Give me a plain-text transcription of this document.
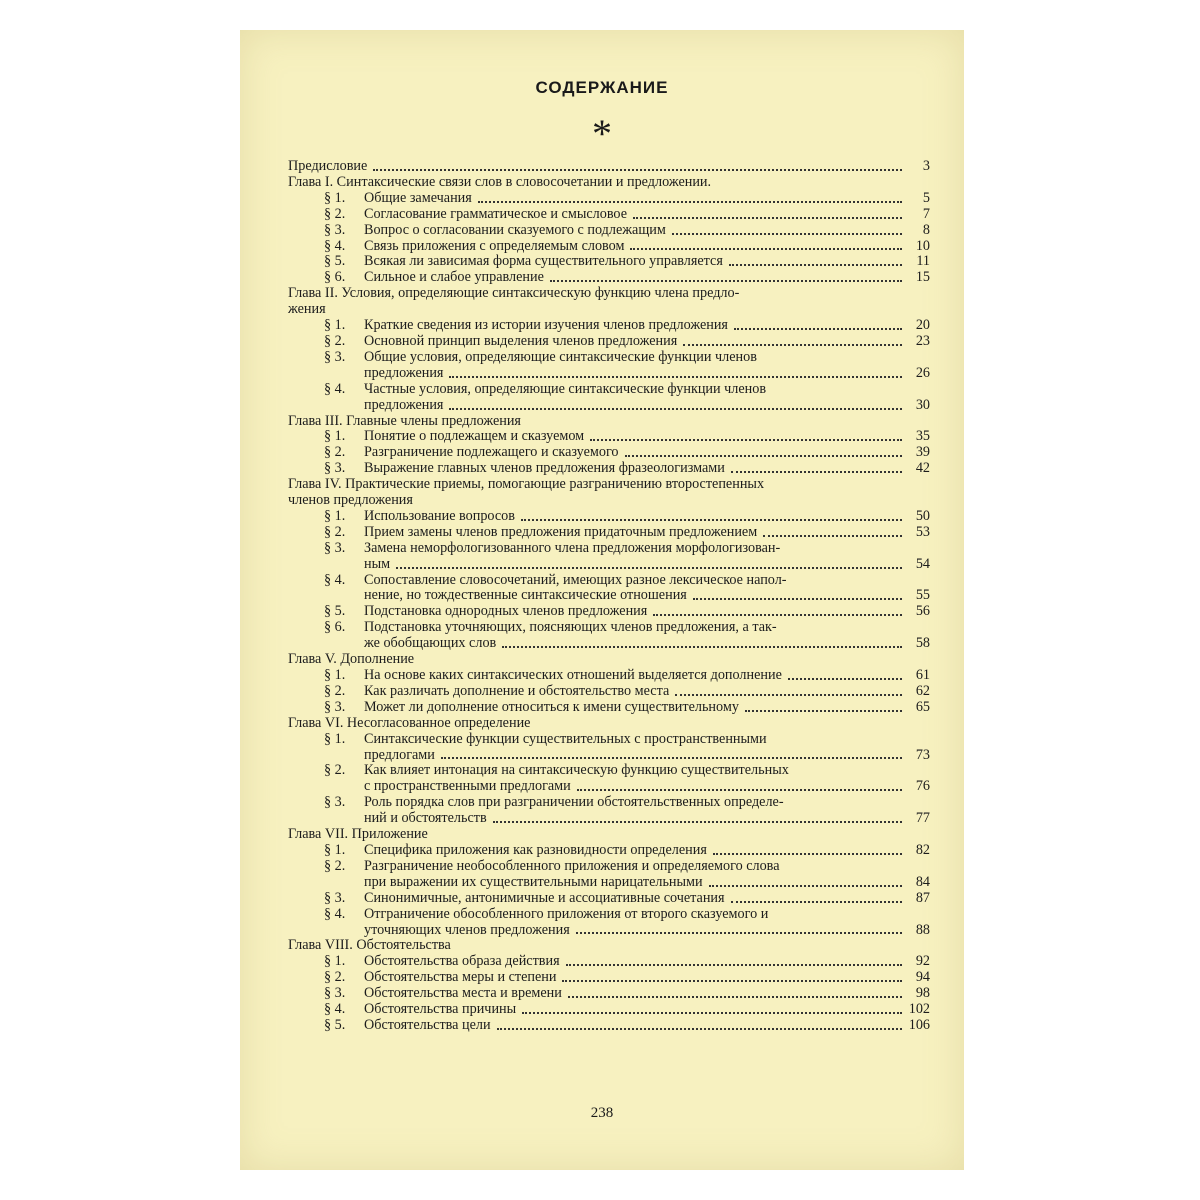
СОДЕРЖАНИЕ
*
Предисловие	3
Глава I. Синтаксические связи слов в словосочетании и предложении.
§ 1.	Общие замечания	5
§ 2.	Согласование грамматическое и смысловое	7
§ 3.	Вопрос о согласовании сказуемого с подлежащим	8
§ 4.	Связь приложения с определяемым словом	10
§ 5.	Всякая ли зависимая форма существительного управляется	11
§ 6.	Сильное и слабое управление	15
Глава II. Условия, определяющие синтаксическую функцию члена предло-
жения
§ 1.	Краткие сведения из истории изучения членов предложения	20
§ 2.	Основной принцип выделения членов предложения	23
§ 3.	Общие условия, определяющие синтаксические функции членов
предложения	26
§ 4.	Частные условия, определяющие синтаксические функции членов
предложения	30
Глава III. Главные члены предложения
§ 1.	Понятие о подлежащем и сказуемом	35
§ 2.	Разграничение подлежащего и сказуемого	39
§ 3.	Выражение главных членов предложения фразеологизмами	42
Глава IV. Практические приемы, помогающие разграничению второстепенных
членов предложения
§ 1.	Использование вопросов	50
§ 2.	Прием замены членов предложения придаточным предложением	53
§ 3.	Замена неморфологизованного члена предложения морфологизован-
ным	54
§ 4.	Сопоставление словосочетаний, имеющих разное лексическое напол-
нение, но тождественные синтаксические отношения	55
§ 5.	Подстановка однородных членов предложения	56
§ 6.	Подстановка уточняющих, поясняющих членов предложения, а так-
же обобщающих слов	58
Глава V. Дополнение
§ 1.	На основе каких синтаксических отношений выделяется дополнение	61
§ 2.	Как различать дополнение и обстоятельство места	62
§ 3.	Может ли дополнение относиться к имени существительному	65
Глава VI. Несогласованное определение
§ 1.	Синтаксические функции существительных с пространственными
предлогами	73
§ 2.	Как влияет интонация на синтаксическую функцию существительных
с пространственными предлогами	76
§ 3.	Роль порядка слов при разграничении обстоятельственных определе-
ний и обстоятельств	77
Глава VII. Приложение
§ 1.	Специфика приложения как разновидности определения	82
§ 2.	Разграничение необособленного приложения и определяемого слова
при выражении их существительными нарицательными	84
§ 3.	Синонимичные, антонимичные и ассоциативные сочетания	87
§ 4.	Отграничение обособленного приложения от второго сказуемого и
уточняющих членов предложения	88
Глава VIII. Обстоятельства
§ 1.	Обстоятельства образа действия	92
§ 2.	Обстоятельства меры и степени	94
§ 3.	Обстоятельства места и времени	98
§ 4.	Обстоятельства причины	102
§ 5.	Обстоятельства цели	106
238
